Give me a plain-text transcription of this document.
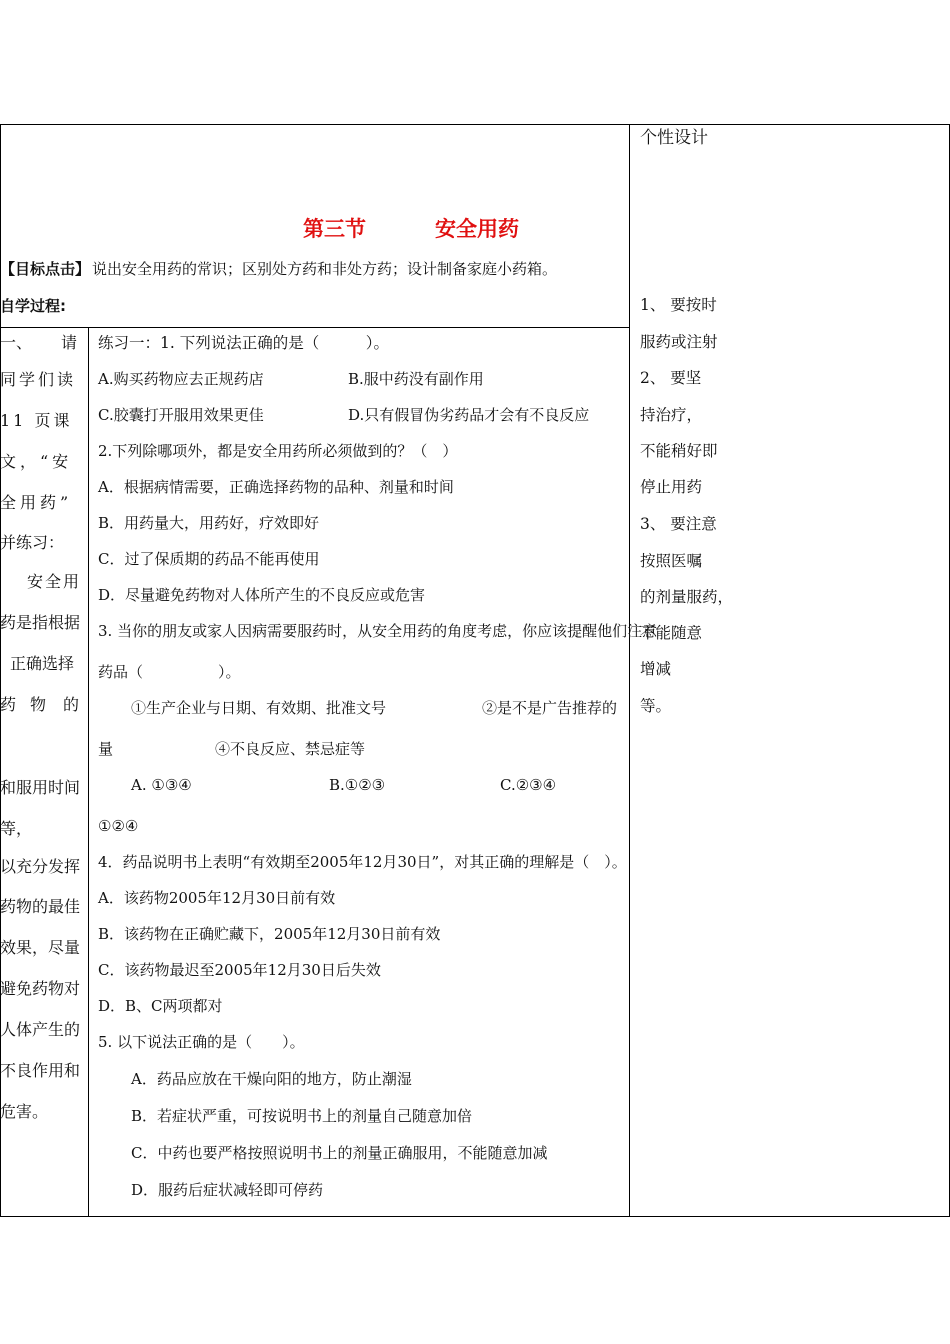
个性设计
1、 要按时
服药或注射
2、 要坚
持治疗，
不能稍好即
停止用药
3、 要注意
按照医嘱
的剂量服药，
不能随意
增减
等。
第三节	安全用药
【目标点击】 说出安全用药的常识；区别处方药和非处方药；设计制备家庭小药箱。
自学过程:
一、 请
同学们读
11 页课
文，“安
全用药”
并练习：
安全用
药是指根据
正确选择
药 物 的
和服用时间
等，
以充分发挥
药物的最佳
效果，尽量
避免药物对
人体产生的
不良作用和
危害。
练习一：1. 下列说法正确的是（　　　）。
A.购买药物应去正规药店	B.服中药没有副作用
C.胶囊打开服用效果更佳	D.只有假冒伪劣药品才会有不良反应
2.下列除哪项外，都是安全用药所必须做到的？（　）
A．根据病情需要，正确选择药物的品种、剂量和时间
B．用药量大，用药好，疗效即好
C．过了保质期的药品不能再使用
D．尽量避免药物对人体所产生的不良反应或危害
3. 当你的朋友或家人因病需要服药时，从安全用药的角度考虑，你应该提醒他们注意
药品（　　　　　）。
①生产企业与日期、有效期、批准文号	②是不是广告推荐的
量	④不良反应、禁忌症等
A. ①③④	B.①②③	C.②③④
①②④
4．药品说明书上表明“有效期至2005年12月30日”，对其正确的理解是（　）。
A．该药物2005年12月30日前有效
B．该药物在正确贮藏下，2005年12月30日前有效
C．该药物最迟至2005年12月30日后失效
D．B、C两项都对
5. 以下说法正确的是（　　）。
A．药品应放在干燥向阳的地方，防止潮湿
B．若症状严重，可按说明书上的剂量自己随意加倍
C．中药也要严格按照说明书上的剂量正确服用，不能随意加减
D．服药后症状减轻即可停药
